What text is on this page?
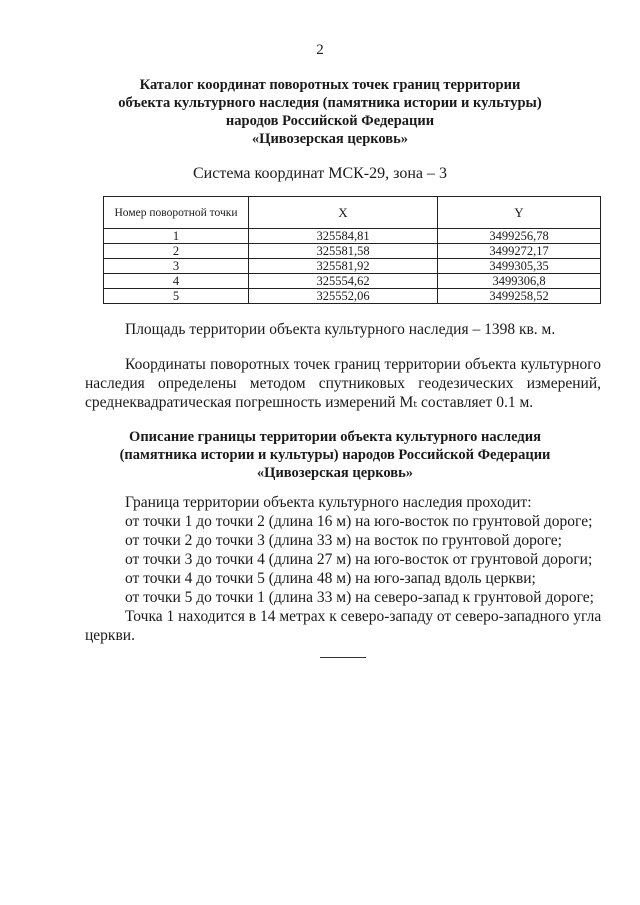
2
Каталог координат поворотных точек границ территории
объекта культурного наследия (памятника истории и культуры)
народов Российской Федерации
«Цивозерская церковь»
Система координат МСК-29, зона – 3
Номер поворотной точки	X	Y
1	325584,81	3499256,78
2	325581,58	3499272,17
3	325581,92	3499305,35
4	325554,62	3499306,8
5	325552,06	3499258,52
Площадь территории объекта культурного наследия – 1398 кв. м.
Координаты поворотных точек границ территории объекта культурного
наследия определены методом спутниковых геодезических измерений,
среднеквадратическая погрешность измерений Mₜ составляет 0.1 м.
Описание границы территории объекта культурного наследия
(памятника истории и культуры) народов Российской Федерации
«Цивозерская церковь»
Граница территории объекта культурного наследия проходит:
от точки 1 до точки 2 (длина 16 м) на юго-восток по грунтовой дороге;
от точки 2 до точки 3 (длина 33 м) на восток по грунтовой дороге;
от точки 3 до точки 4 (длина 27 м) на юго-восток от грунтовой дороги;
от точки 4 до точки 5 (длина 48 м) на юго-запад вдоль церкви;
от точки 5 до точки 1 (длина 33 м) на северо-запад к грунтовой дороге;
Точка 1 находится в 14 метрах к северо-западу от северо-западного угла
церкви.
